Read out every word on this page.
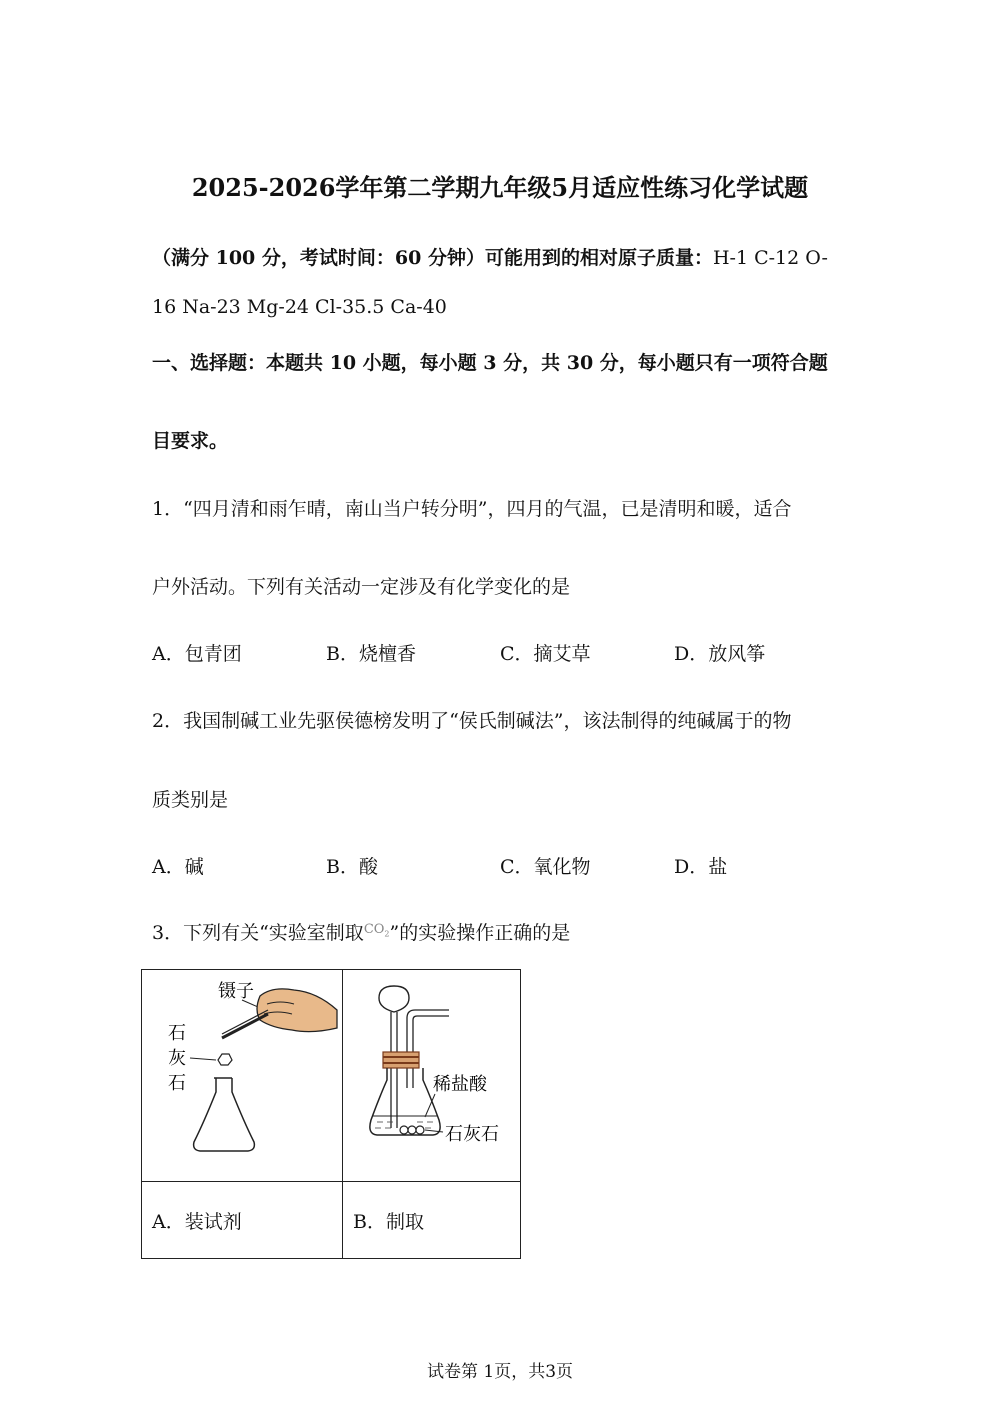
2025-2026学年第二学期九年级5月适应性练习化学试题
（满分 100 分，考试时间：60 分钟）可能用到的相对原子质量：H-1 C-12 O-
16 Na-23 Mg-24 Cl-35.5 Ca-40
一、选择题：本题共 10 小题，每小题 3 分，共 30 分，每小题只有一项符合题
目要求。
1．“四月清和雨乍晴，南山当户转分明”，四月的气温，已是清明和暖，适合
户外活动。下列有关活动一定涉及有化学变化的是
A．包青团	B．烧檀香	C．摘艾草	D．放风筝
2．我国制碱工业先驱侯德榜发明了“侯氏制碱法”，该法制得的纯碱属于的物
质类别是
A．碱	B．酸	C．氧化物	D．盐
3．下列有关“实验室制取$^{CO_2}$”的实验操作正确的是
镊子
石
灰
石	稀盐酸
石灰石

A．装试剂	B．制取
试卷第 1页，共3页
